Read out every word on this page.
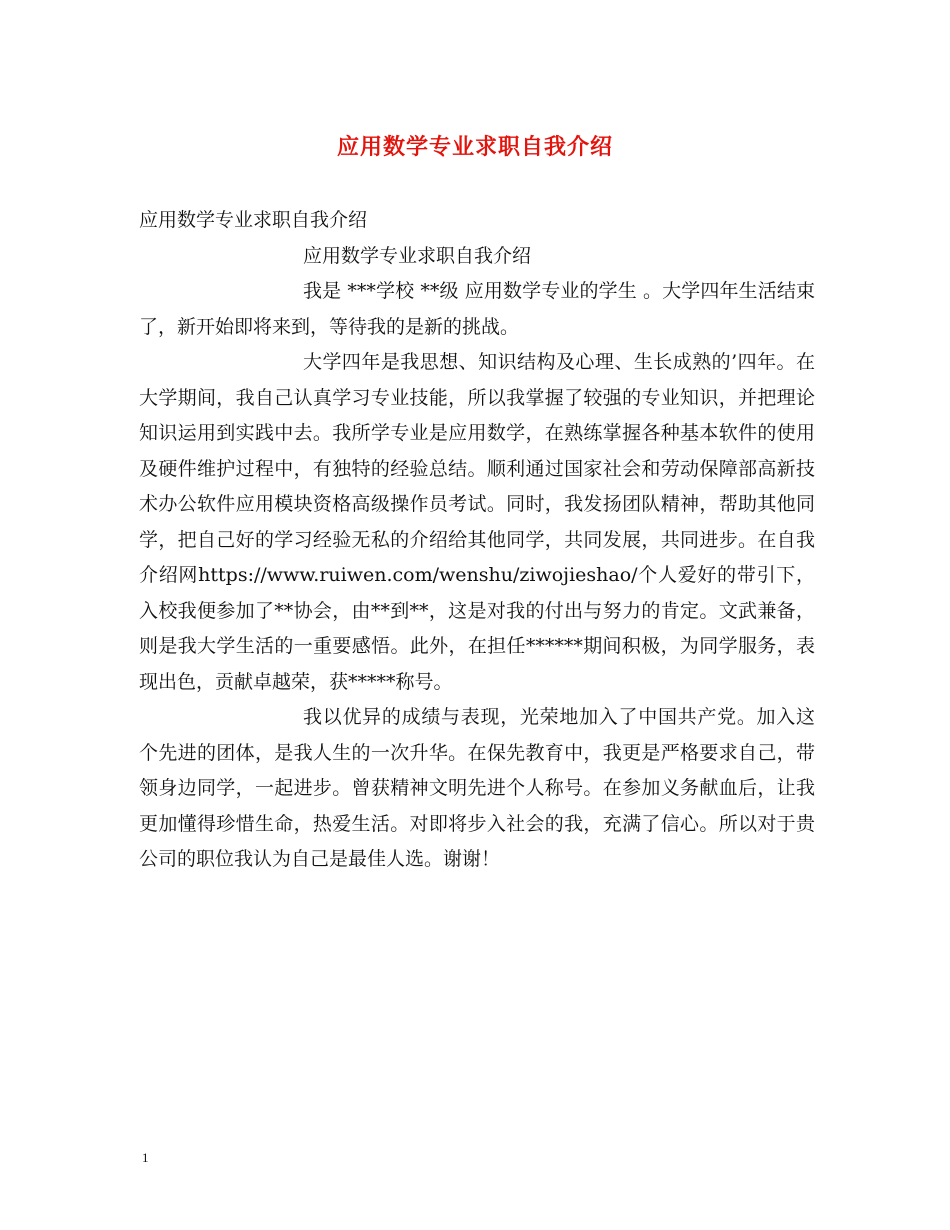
应用数学专业求职自我介绍

应用数学专业求职自我介绍

应用数学专业求职自我介绍

我是 ***学校 **级 应用数学专业的学生 。大学四年生活结束了，新开始即将来到，等待我的是新的挑战。

大学四年是我思想、知识结构及心理、生长成熟的’四年。在大学期间，我自己认真学习专业技能，所以我掌握了较强的专业知识，并把理论知识运用到实践中去。我所学专业是应用数学，在熟练掌握各种基本软件的使用及硬件维护过程中，有独特的经验总结。顺利通过国家社会和劳动保障部高新技术办公软件应用模块资格高级操作员考试。同时，我发扬团队精神，帮助其他同学，把自己好的学习经验无私的介绍给其他同学，共同发展，共同进步。在自我介绍网https://www.ruiwen.com/wenshu/ziwojieshao/个人爱好的带引下，入校我便参加了**协会，由**到**，这是对我的付出与努力的肯定。文武兼备，则是我大学生活的一重要感悟。此外，在担任******期间积极，为同学服务，表现出色，贡献卓越荣，获*****称号。

我以优异的成绩与表现，光荣地加入了中国共产党。加入这个先进的团体，是我人生的一次升华。在保先教育中，我更是严格要求自己，带领身边同学，一起进步。曾获精神文明先进个人称号。在参加义务献血后，让我更加懂得珍惜生命，热爱生活。对即将步入社会的我，充满了信心。所以对于贵公司的职位我认为自己是最佳人选。谢谢！

1
